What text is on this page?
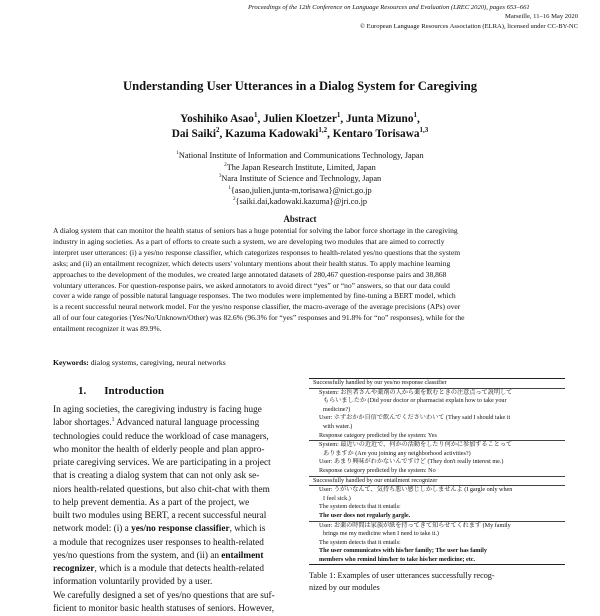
Proceedings of the 12th Conference on Language Resources and Evaluation (LREC 2020), pages 653–661
Marseille, 11–16 May 2020
© European Language Resources Association (ELRA), licensed under CC-BY-NC
Understanding User Utterances in a Dialog System for Caregiving
Yoshihiko Asao$^1$, Julien Kloetzer$^1$, Junta Mizuno$^1$,
Dai Saiki$^2$, Kazuma Kadowaki$^{1,2}$, Kentaro Torisawa$^{1,3}$
$^1$National Institute of Information and Communications Technology, Japan
$^2$The Japan Research Institute, Limited, Japan
$^3$Nara Institute of Science and Technology, Japan
$^1${asao,julien,junta-m,torisawa}@nict.go.jp
$^2${saiki.dai,kadowaki.kazuma}@jri.co.jp
Abstract
A dialog system that can monitor the health status of seniors has a huge potential for solving the labor force shortage in the caregiving
industry in aging societies. As a part of efforts to create such a system, we are developing two modules that are aimed to correctly
interpret user utterances: (i) a yes/no response classifier, which categorizes responses to health-related yes/no questions that the system
asks; and (ii) an entailment recognizer, which detects users' voluntary mentions about their health status. To apply machine learning
approaches to the development of the modules, we created large annotated datasets of 280,467 question-response pairs and 38,868
voluntary utterances. For question-response pairs, we asked annotators to avoid direct “yes” or “no” answers, so that our data could
cover a wide range of possible natural language responses. The two modules were implemented by fine-tuning a BERT model, which
is a recent successful neural network model. For the yes/no response classifier, the macro-average of the average precisions (APs) over
all of our four categories (Yes/No/Unknown/Other) was 82.6% (96.3% for “yes” responses and 91.8% for “no” responses), while for the
entailment recognizer it was 89.9%.
Keywords: dialog systems, caregiving, neural networks
1. Introduction
In aging societies, the caregiving industry is facing huge
labor shortages.$^1$ Advanced natural language processing
technologies could reduce the workload of case managers,
who monitor the health of elderly people and plan appro-
priate caregiving services. We are participating in a project
that is creating a dialog system that can not only ask se-
niors health-related questions, but also chit-chat with them
to help prevent dementia. As a part of the project, we
built two modules using BERT, a recent successful neural
network model: (i) a yes/no response classifier, which is
a module that recognizes user responses to health-related
yes/no questions from the system, and (ii) an entailment
recognizer, which is a module that detects health-related
information voluntarily provided by a user.
We carefully designed a set of yes/no questions that are suf-
ficient to monitor basic health statuses of seniors. However,
Successfully handled by our yes/no response classifier
System: お医者さんや薬剤の人から薬を飲むときの注意点って説明して
もらいましたか (Did your doctor or pharmacist explain how to take your
medicine?)
User: ホずおかか自信で飲んでくださいわいて (They said I should take it
with water.)
Response category predicted by the system: Yes
System: 最近いの近近で、何かの活動をしたり何かに参加することって
ありますか (Are you joining any neighborhood activities?)
User: あまり興味がわかないんですけど (They don't really interest me.)
Response category predicted by the system: No
Successfully handled by our entailment recognizer
User: うがいなんて、気持ち悪い感じしかしませんよ (I gargle only when
I feel sick.)
The system detects that it entails:
The user does not regularly gargle.
User: お薬の時間は家族が紙を持ってきて知らせてくれます (My family
brings me my medicine when I need to take it.)
The system detects that it entails:
The user communicates with his/her family; The user has family
members who remind him/her to take his/her medicine; etc.
Table 1: Examples of user utterances successfully recog-
nized by our modules
